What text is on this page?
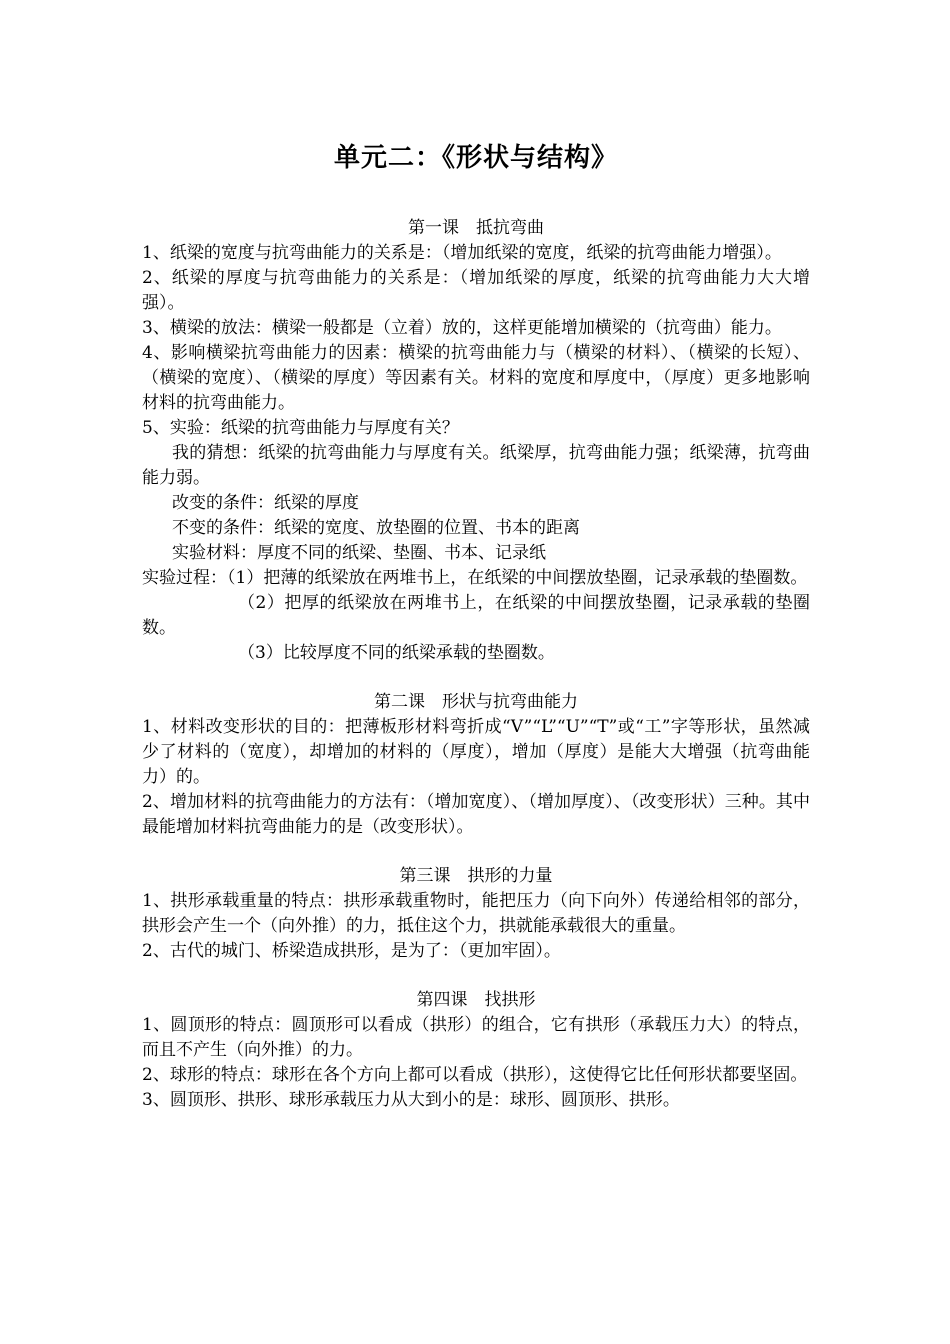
单元二：《形状与结构》

第一课　抵抗弯曲

1、纸梁的宽度与抗弯曲能力的关系是：（增加纸梁的宽度，纸梁的抗弯曲能力增强）。

2、纸梁的厚度与抗弯曲能力的关系是：（增加纸梁的厚度，纸梁的抗弯曲能力大大增强）。

3、横梁的放法：横梁一般都是（立着）放的，这样更能增加横梁的（抗弯曲）能力。

4、影响横梁抗弯曲能力的因素：横梁的抗弯曲能力与（横梁的材料）、（横梁的长短）、（横梁的宽度）、（横梁的厚度）等因素有关。材料的宽度和厚度中，（厚度）更多地影响材料的抗弯曲能力。

5、实验：纸梁的抗弯曲能力与厚度有关？

我的猜想：纸梁的抗弯曲能力与厚度有关。纸梁厚，抗弯曲能力强；纸梁薄，抗弯曲能力弱。

改变的条件：纸梁的厚度

不变的条件：纸梁的宽度、放垫圈的位置、书本的距离

实验材料：厚度不同的纸梁、垫圈、书本、记录纸

实验过程：（1）把薄的纸梁放在两堆书上，在纸梁的中间摆放垫圈，记录承载的垫圈数。

（2）把厚的纸梁放在两堆书上，在纸梁的中间摆放垫圈，记录承载的垫圈数。

（3）比较厚度不同的纸梁承载的垫圈数。

第二课　形状与抗弯曲能力

1、材料改变形状的目的：把薄板形材料弯折成“V”“L”“U”“T”或“工”字等形状，虽然减少了材料的（宽度），却增加的材料的（厚度），增加（厚度）是能大大增强（抗弯曲能力）的。

2、增加材料的抗弯曲能力的方法有：（增加宽度）、（增加厚度）、（改变形状）三种。其中最能增加材料抗弯曲能力的是（改变形状）。

第三课　拱形的力量

1、拱形承载重量的特点：拱形承载重物时，能把压力（向下向外）传递给相邻的部分，拱形会产生一个（向外推）的力，抵住这个力，拱就能承载很大的重量。

2、古代的城门、桥梁造成拱形，是为了：（更加牢固）。

第四课　找拱形

1、圆顶形的特点：圆顶形可以看成（拱形）的组合，它有拱形（承载压力大）的特点，而且不产生（向外推）的力。

2、球形的特点：球形在各个方向上都可以看成（拱形），这使得它比任何形状都要坚固。

3、圆顶形、拱形、球形承载压力从大到小的是：球形、圆顶形、拱形。
